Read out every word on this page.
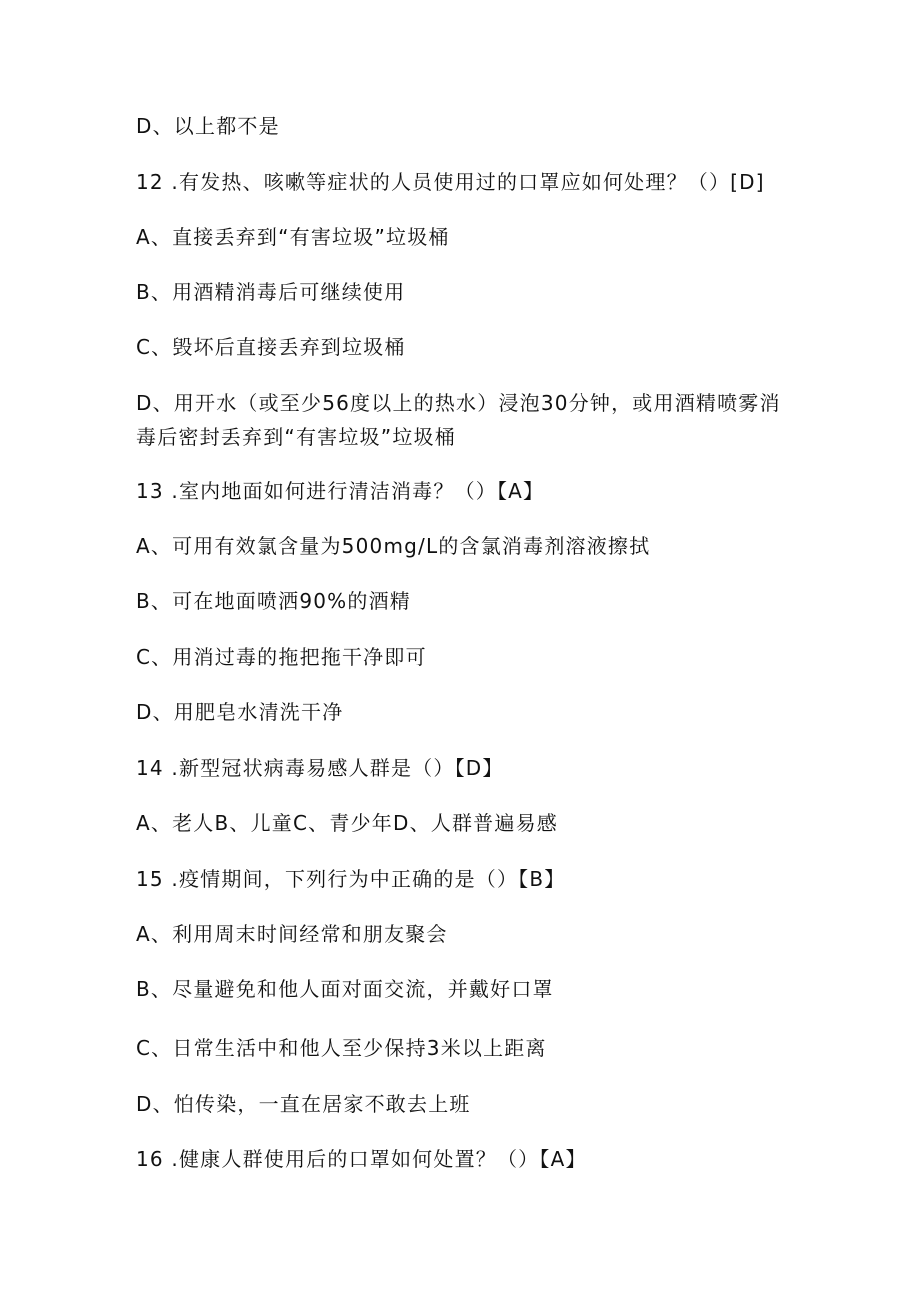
D、以上都不是
12 .有发热、咳嗽等症状的人员使用过的口罩应如何处理？（）[D]
A、直接丢弃到“有害垃圾”垃圾桶
B、用酒精消毒后可继续使用
C、毁坏后直接丢弃到垃圾桶
D、用开水（或至少56度以上的热水）浸泡30分钟，或用酒精喷雾消毒后密封丢弃到“有害垃圾”垃圾桶
13 .室内地面如何进行清洁消毒？（）【A】
A、可用有效氯含量为500mg/L的含氯消毒剂溶液擦拭
B、可在地面喷洒90%的酒精
C、用消过毒的拖把拖干净即可
D、用肥皂水清洗干净
14 .新型冠状病毒易感人群是（）【D】
A、老人B、儿童C、青少年D、人群普遍易感
15 .疫情期间，下列行为中正确的是（）【B】
A、利用周末时间经常和朋友聚会
B、尽量避免和他人面对面交流，并戴好口罩
C、日常生活中和他人至少保持3米以上距离
D、怕传染，一直在居家不敢去上班
16 .健康人群使用后的口罩如何处置？（）【A】
